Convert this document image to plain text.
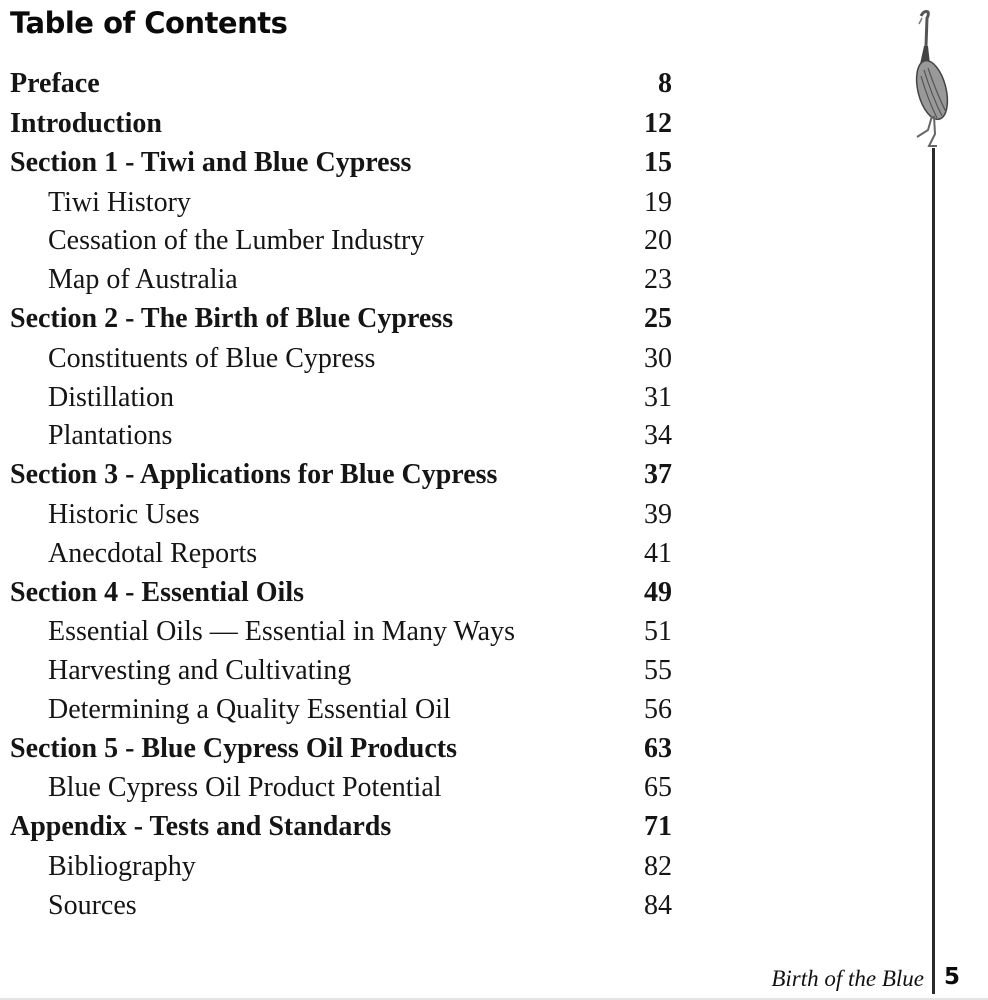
Table of Contents
Preface	8
Introduction	12
Section 1 - Tiwi and Blue Cypress	15
Tiwi History	19
Cessation of the Lumber Industry	20
Map of Australia	23
Section 2 - The Birth of Blue Cypress	25
Constituents of Blue Cypress	30
Distillation	31
Plantations	34
Section 3 - Applications for Blue Cypress	37
Historic Uses	39
Anecdotal Reports	41
Section 4 - Essential Oils	49
Essential Oils — Essential in Many Ways	51
Harvesting and Cultivating	55
Determining a Quality Essential Oil	56
Section 5 - Blue Cypress Oil Products	63
Blue Cypress Oil Product Potential	65
Appendix - Tests and Standards	71
Bibliography	82
Sources	84
Birth of the Blue 5
